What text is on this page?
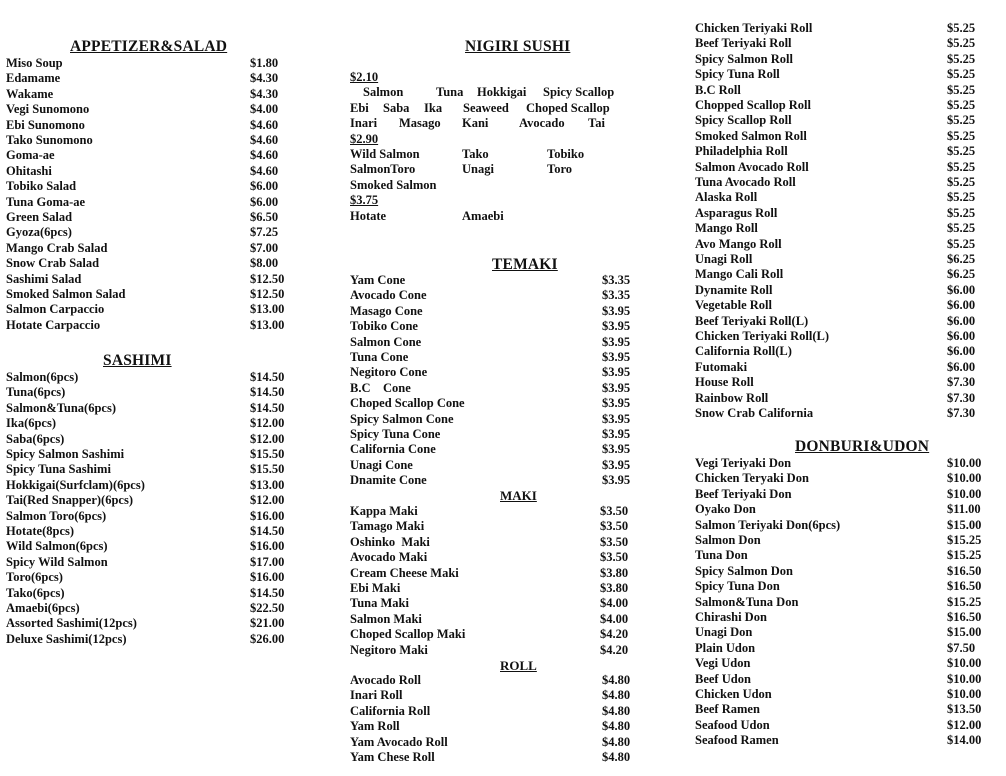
APPETIZER&SALAD
Miso Soup	$1.80
Edamame	$4.30
Wakame	$4.30
Vegi Sunomono	$4.00
Ebi Sunomono	$4.60
Tako Sunomono	$4.60
Goma-ae	$4.60
Ohitashi	$4.60
Tobiko Salad	$6.00
Tuna Goma-ae	$6.00
Green Salad	$6.50
Gyoza(6pcs)	$7.25
Mango Crab Salad	$7.00
Snow Crab Salad	$8.00
Sashimi Salad	$12.50
Smoked Salmon Salad	$12.50
Salmon Carpaccio	$13.00
Hotate Carpaccio	$13.00
SASHIMI
Salmon(6pcs)	$14.50
Tuna(6pcs)	$14.50
Salmon&Tuna(6pcs)	$14.50
Ika(6pcs)	$12.00
Saba(6pcs)	$12.00
Spicy Salmon Sashimi	$15.50
Spicy Tuna Sashimi	$15.50
Hokkigai(Surfclam)(6pcs)	$13.00
Tai(Red Snapper)(6pcs)	$12.00
Salmon Toro(6pcs)	$16.00
Hotate(8pcs)	$14.50
Wild Salmon(6pcs)	$16.00
Spicy Wild Salmon	$17.00
Toro(6pcs)	$16.00
Tako(6pcs)	$14.50
Amaebi(6pcs)	$22.50
Assorted Sashimi(12pcs)	$21.00
Deluxe Sashimi(12pcs)	$26.00
NIGIRI SUSHI
$2.10
Salmon	Tuna Hokkigai Spicy Scallop
Ebi Saba Ika Seaweed Choped Scallop
Inari Masago Kani Avocado Tai
$2.90
Wild Salmon	Tako	Tobiko
SalmonToro	Unagi	Toro
Smoked Salmon
$3.75
Hotate	Amaebi
TEMAKI
Yam Cone	$3.35
Avocado Cone	$3.35
Masago Cone	$3.95
Tobiko Cone	$3.95
Salmon Cone	$3.95
Tuna Cone	$3.95
Negitoro Cone	$3.95
B.C    Cone	$3.95
Choped Scallop Cone	$3.95
Spicy Salmon Cone	$3.95
Spicy Tuna Cone	$3.95
California Cone	$3.95
Unagi Cone	$3.95
Dnamite Cone	$3.95
MAKI
Kappa Maki	$3.50
Tamago Maki	$3.50
Oshinko  Maki	$3.50
Avocado Maki	$3.50
Cream Cheese Maki	$3.80
Ebi Maki	$3.80
Tuna Maki	$4.00
Salmon Maki	$4.00
Choped Scallop Maki	$4.20
Negitoro Maki	$4.20
ROLL
Avocado Roll	$4.80
Inari Roll	$4.80
California Roll	$4.80
Yam Roll	$4.80
Yam Avocado Roll	$4.80
Yam Chese Roll	$4.80
Chicken Teriyaki Roll	$5.25
Beef Teriyaki Roll	$5.25
Spicy Salmon Roll	$5.25
Spicy Tuna Roll	$5.25
B.C Roll	$5.25
Chopped Scallop Roll	$5.25
Spicy Scallop Roll	$5.25
Smoked Salmon Roll	$5.25
Philadelphia Roll	$5.25
Salmon Avocado Roll	$5.25
Tuna Avocado Roll	$5.25
Alaska Roll	$5.25
Asparagus Roll	$5.25
Mango Roll	$5.25
Avo Mango Roll	$5.25
Unagi Roll	$6.25
Mango Cali Roll	$6.25
Dynamite Roll	$6.00
Vegetable Roll	$6.00
Beef Teriyaki Roll(L)	$6.00
Chicken Teriyaki Roll(L)	$6.00
California Roll(L)	$6.00
Futomaki	$6.00
House Roll	$7.30
Rainbow Roll	$7.30
Snow Crab California	$7.30
DONBURI&UDON
Vegi Teriyaki Don	$10.00
Chicken Teryaki Don	$10.00
Beef Teriyaki Don	$10.00
Oyako Don	$11.00
Salmon Teriyaki Don(6pcs)	$15.00
Salmon Don	$15.25
Tuna Don	$15.25
Spicy Salmon Don	$16.50
Spicy Tuna Don	$16.50
Salmon&Tuna Don	$15.25
Chirashi Don	$16.50
Unagi Don	$15.00
Plain Udon	$7.50
Vegi Udon	$10.00
Beef Udon	$10.00
Chicken Udon	$10.00
Beef Ramen	$13.50
Seafood Udon	$12.00
Seafood Ramen	$14.00
